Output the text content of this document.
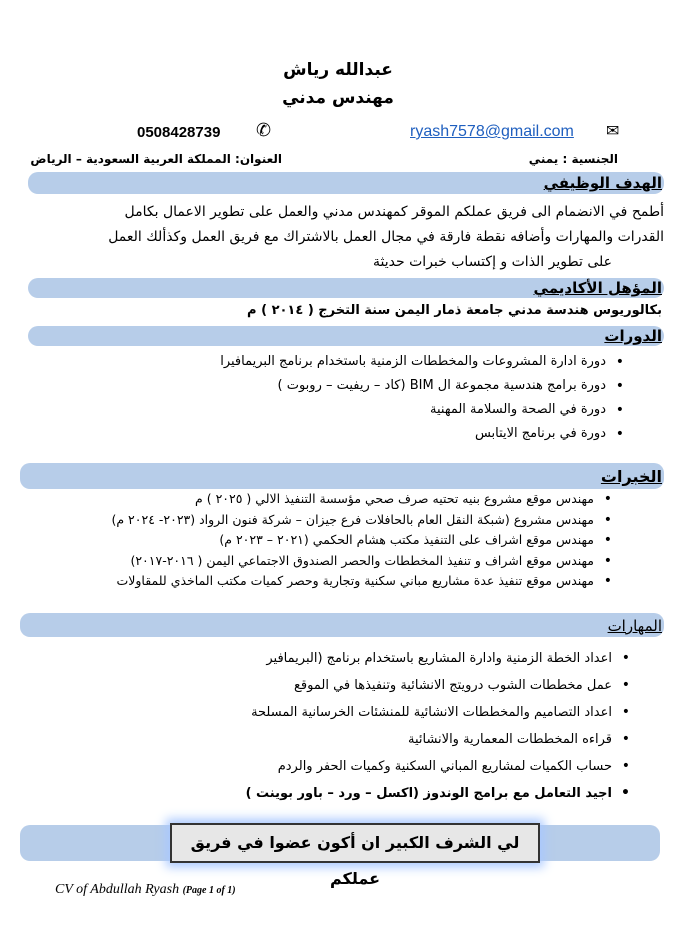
عبدالله رياش
مهندس مدني
0508428739 ✆	ryash7578@gmail.com ✉
العنوان: المملكة العربية السعودية – الرياض	الجنسية : يمني
الهدف الوظيفي
أطمح في الانضمام الى فريق عملكم الموقر كمهندس مدني والعمل على تطوير الاعمال بكامل
القدرات والمهارات وأضافه نقطة فارقة في مجال العمل بالاشتراك مع فريق العمل وكذألك العمل
على تطوير الذات و إكتساب خبرات حديثة
المؤهل الأكاديمي
بكالوريوس هندسة مدني جامعة ذمار اليمن سنة التخرج ( ٢٠١٤ ) م
الدورات
• دورة ادارة المشروعات والمخططات الزمنية باستخدام برنامج البريمافيرا
• دورة برامج هندسية مجموعة ال BIM (كاد – ريفيت – روبوت )
• دورة في الصحة والسلامة المهنية
• دورة في برنامج الايتابس
الخبرات
• مهندس موقع مشروع بنيه تحتيه صرف صحي مؤسسة التنفيذ الالي ( ٢٠٢٥ ) م
• مهندس مشروع (شبكة النقل العام بالحافلات فرع جيزان – شركة فنون الرواد (٢٠٢٣- ٢٠٢٤ م)
• مهندس موقع اشراف على التنفيذ مكتب هشام الحكمي (٢٠٢١ – ٢٠٢٣ م)
• مهندس موقع اشراف و تنفيذ المخططات والحصر الصندوق الاجتماعي اليمن ( ٢٠١٦-٢٠١٧)
• مهندس موقع تنفيذ عدة مشاريع مباني سكنية وتجارية وحصر كميات مكتب الماخذي للمقاولات
المهارات
• اعداد الخطة الزمنية وادارة المشاريع باستخدام برنامج (البريمافير
• عمل مخططات الشوب درويتج الانشائية وتنفيذها في الموقع
• اعداد التصاميم والمخططات الانشائية للمنشئات الخرسانية المسلحة
• قراءه المخططات المعمارية والانشائية
• حساب الكميات لمشاريع المباني السكنية وكميات الحفر والردم
• اجيد التعامل مع برامج الوندوز (اكسل – ورد – باور بوينت )
لي الشرف الكبير ان أكون عضوا في فريق عملكم
CV of Abdullah Ryash (Page 1 of 1)
